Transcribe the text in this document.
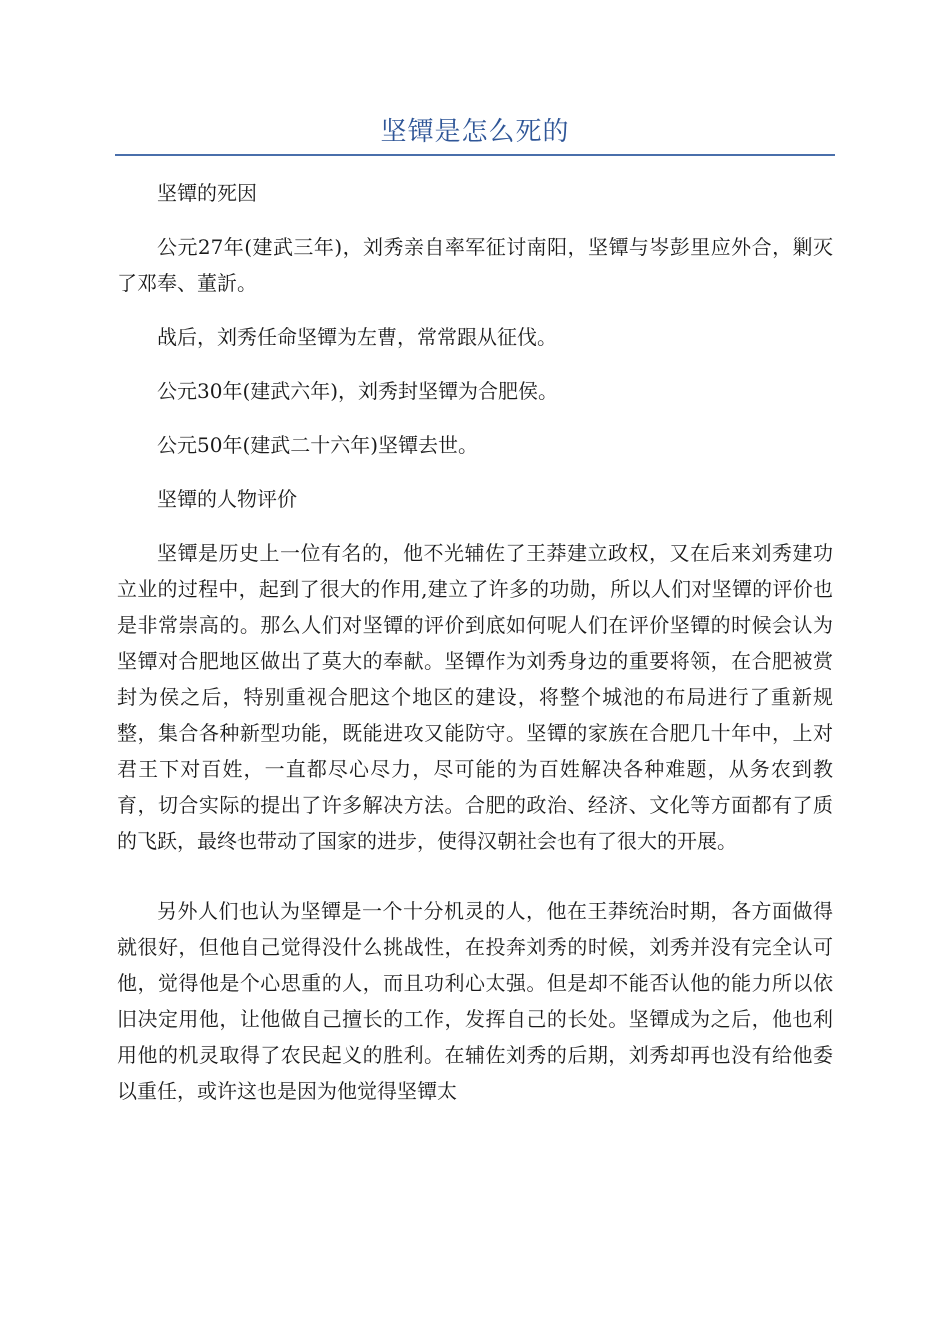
坚镡是怎么死的

坚镡的死因

公元27年(建武三年)，刘秀亲自率军征讨南阳，坚镡与岑彭里应外合，剿灭了邓奉、董訢。

战后，刘秀任命坚镡为左曹，常常跟从征伐。

公元30年(建武六年)，刘秀封坚镡为合肥侯。

公元50年(建武二十六年)坚镡去世。

坚镡的人物评价

坚镡是历史上一位有名的，他不光辅佐了王莽建立政权，又在后来刘秀建功立业的过程中，起到了很大的作用,建立了许多的功勋，所以人们对坚镡的评价也是非常崇高的。那么人们对坚镡的评价到底如何呢人们在评价坚镡的时候会认为坚镡对合肥地区做出了莫大的奉献。坚镡作为刘秀身边的重要将领，在合肥被赏封为侯之后，特别重视合肥这个地区的建设，将整个城池的布局进行了重新规整，集合各种新型功能，既能进攻又能防守。坚镡的家族在合肥几十年中，上对君王下对百姓，一直都尽心尽力，尽可能的为百姓解决各种难题，从务农到教育，切合实际的提出了许多解决方法。合肥的政治、经济、文化等方面都有了质的飞跃，最终也带动了国家的进步，使得汉朝社会也有了很大的开展。

另外人们也认为坚镡是一个十分机灵的人，他在王莽统治时期，各方面做得就很好，但他自己觉得没什么挑战性，在投奔刘秀的时候，刘秀并没有完全认可他，觉得他是个心思重的人，而且功利心太强。但是却不能否认他的能力所以依旧决定用他，让他做自己擅长的工作，发挥自己的长处。坚镡成为之后，他也利用他的机灵取得了农民起义的胜利。在辅佐刘秀的后期，刘秀却再也没有给他委以重任，或许这也是因为他觉得坚镡太
